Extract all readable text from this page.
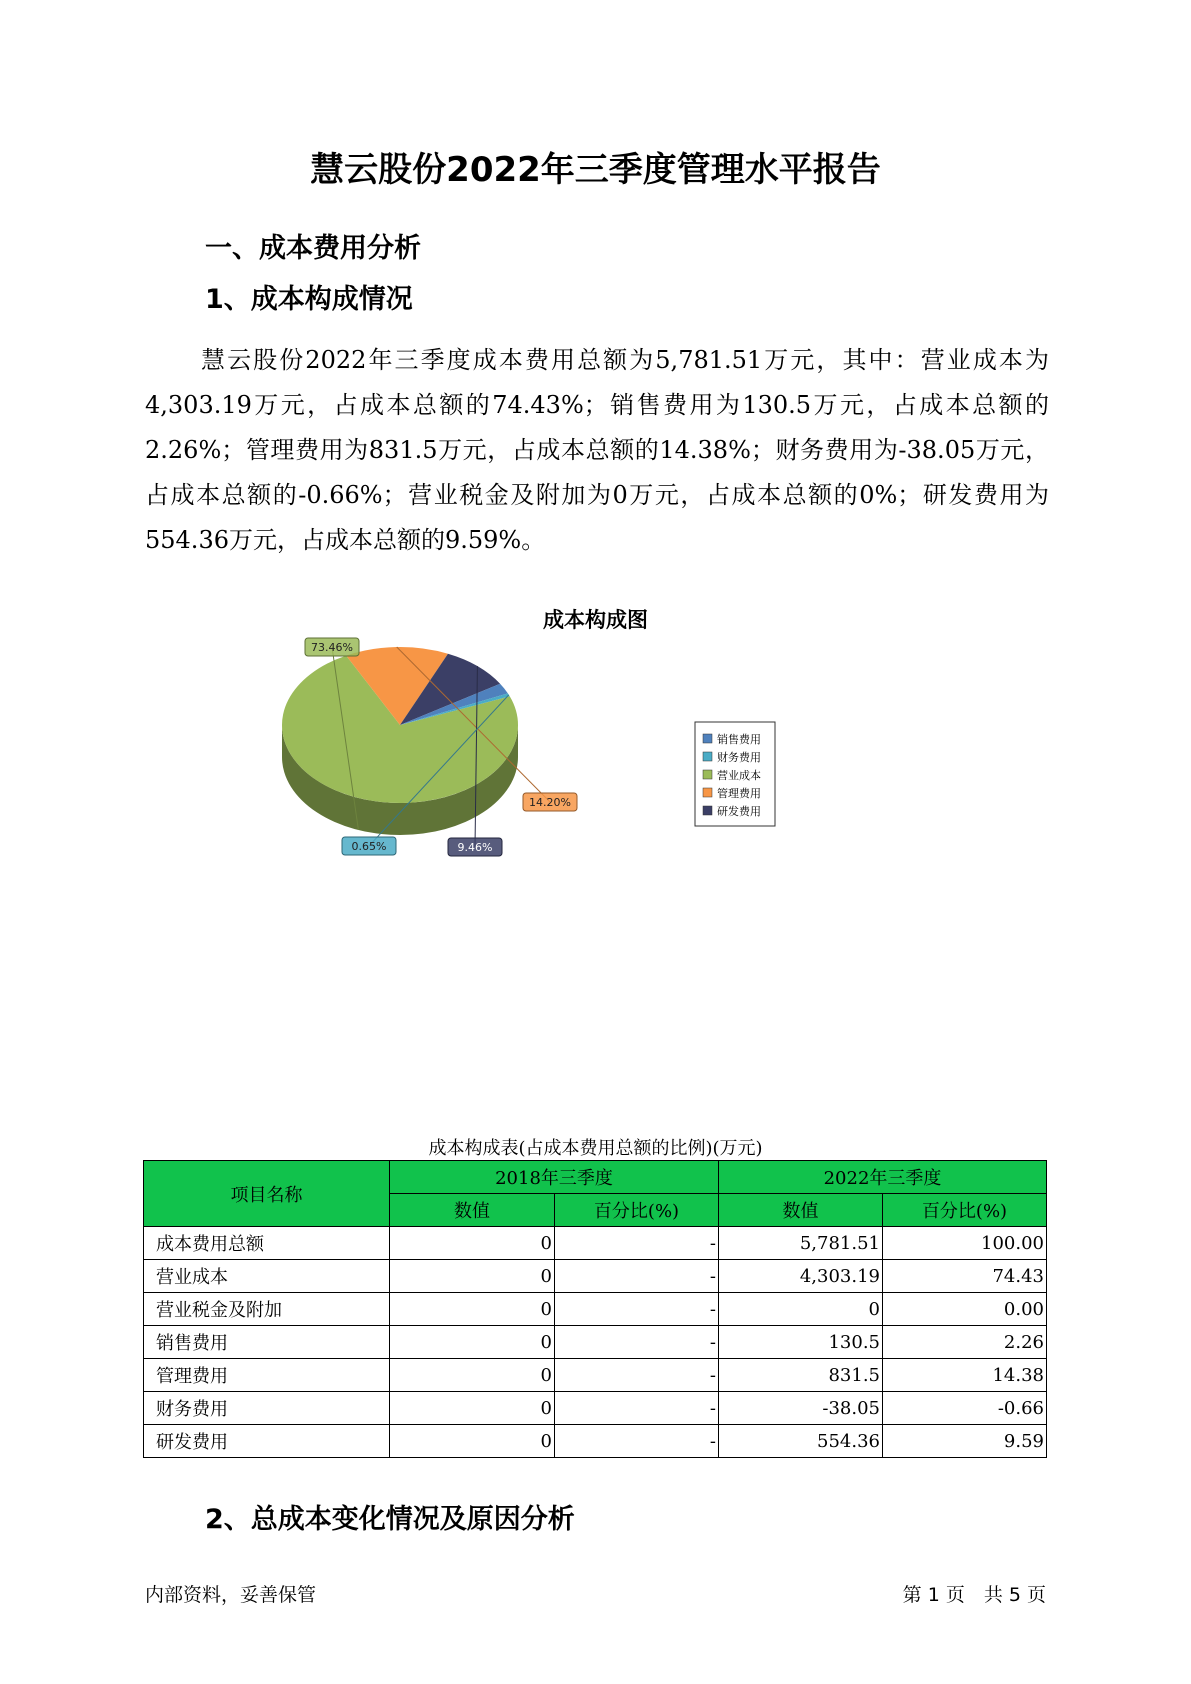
慧云股份2022年三季度管理水平报告
一、成本费用分析
1、成本构成情况
慧云股份2022年三季度成本费用总额为5,781.51万元，其中：营业成本为4,303.19万元，占成本总额的74.43%；销售费用为130.5万元，占成本总额的2.26%；管理费用为831.5万元，占成本总额的14.38%；财务费用为-38.05万元，占成本总额的-0.66%；营业税金及附加为0万元，占成本总额的0%；研发费用为554.36万元，占成本总额的9.59%。
成本构成图
73.46%
14.20%
9.46%
0.65%
销售费用
财务费用
营业成本
管理费用
研发费用
成本构成表(占成本费用总额的比例)(万元)
项目名称	2018年三季度		2022年三季度	
	数值	百分比(%)	数值	百分比(%)
成本费用总额	0	-	5,781.51	100.00
营业成本	0	-	4,303.19	74.43
营业税金及附加	0	-	0	0.00
销售费用	0	-	130.5	2.26
管理费用	0	-	831.5	14.38
财务费用	0	-	-38.05	-0.66
研发费用	0	-	554.36	9.59
2、总成本变化情况及原因分析
内部资料，妥善保管	第 1 页　共 5 页
